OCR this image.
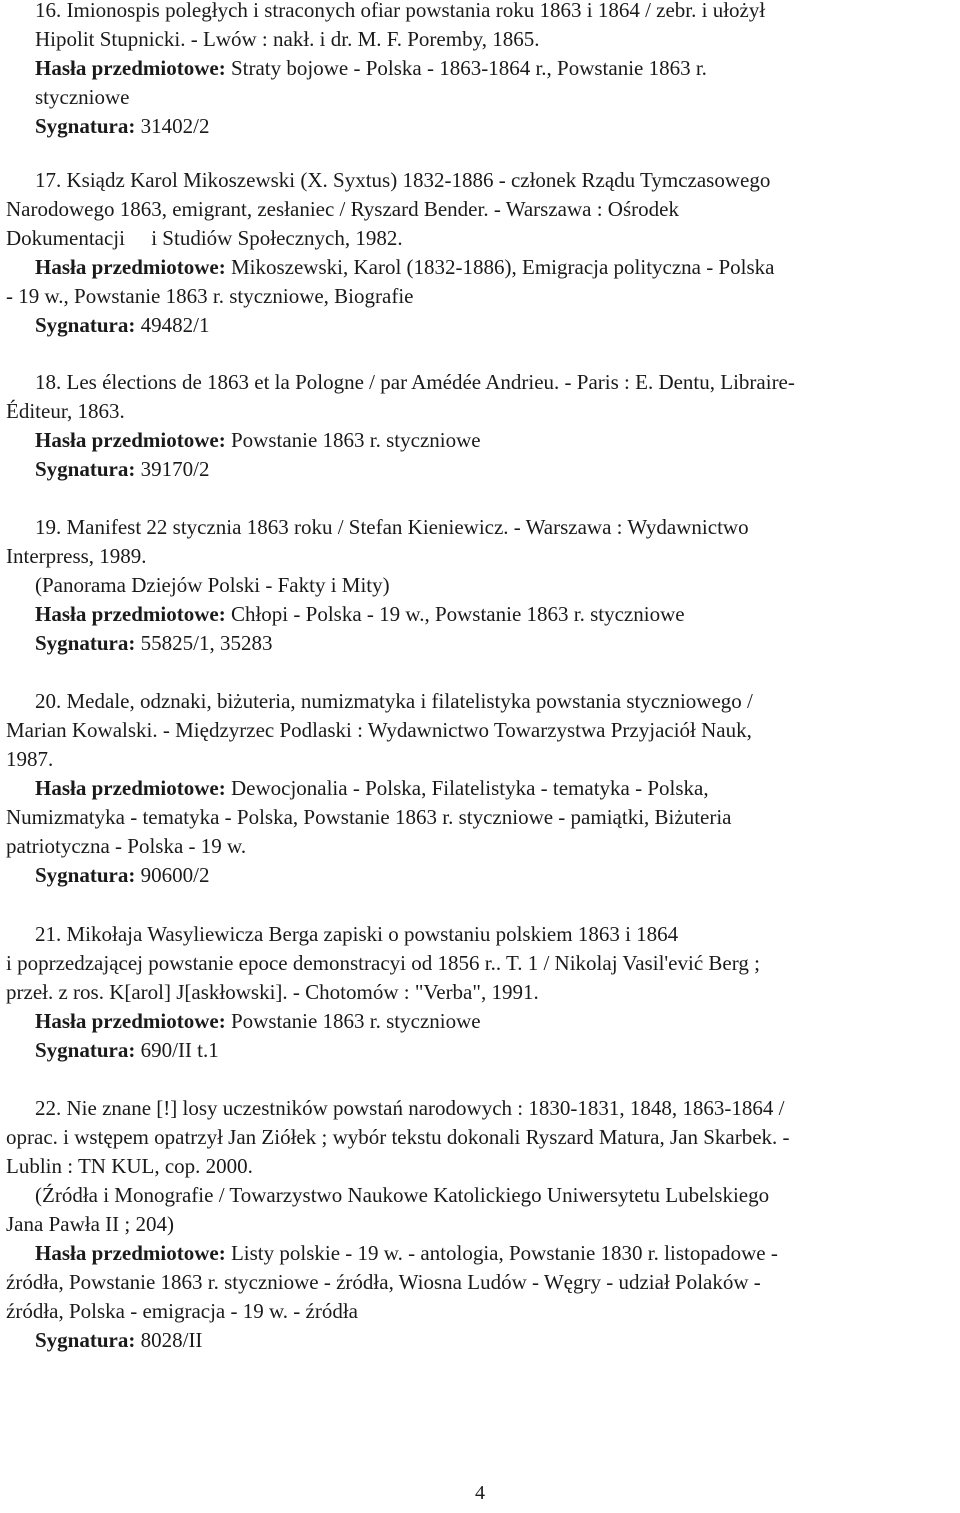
16. Imionospis poległych i straconych ofiar powstania roku 1863 i 1864 / zebr. i ułożył

Hipolit Stupnicki. - Lwów : nakł. i dr. M. F. Poremby, 1865.

Hasła przedmiotowe: Straty bojowe - Polska - 1863-1864 r., Powstanie 1863 r.

styczniowe

Sygnatura: 31402/2

17. Ksiądz Karol Mikoszewski (X. Syxtus) 1832-1886 - członek Rządu Tymczasowego

Narodowego 1863, emigrant, zesłaniec / Ryszard Bender. - Warszawa : Ośrodek

Dokumentacji     i Studiów Społecznych, 1982.

Hasła przedmiotowe: Mikoszewski, Karol (1832-1886), Emigracja polityczna - Polska

- 19 w., Powstanie 1863 r. styczniowe, Biografie

Sygnatura: 49482/1

18. Les élections de 1863 et la Pologne / par Amédée Andrieu. - Paris : E. Dentu, Libraire-

Éditeur, 1863.

Hasła przedmiotowe: Powstanie 1863 r. styczniowe

Sygnatura: 39170/2

19. Manifest 22 stycznia 1863 roku / Stefan Kieniewicz. - Warszawa : Wydawnictwo

Interpress, 1989.

(Panorama Dziejów Polski - Fakty i Mity)

Hasła przedmiotowe: Chłopi - Polska - 19 w., Powstanie 1863 r. styczniowe

Sygnatura: 55825/1, 35283

20. Medale, odznaki, biżuteria, numizmatyka i filatelistyka powstania styczniowego /

Marian Kowalski. - Międzyrzec Podlaski : Wydawnictwo Towarzystwa Przyjaciół Nauk,

1987.

Hasła przedmiotowe: Dewocjonalia - Polska, Filatelistyka - tematyka - Polska,

Numizmatyka - tematyka - Polska, Powstanie 1863 r. styczniowe - pamiątki, Biżuteria

patriotyczna - Polska - 19 w.

Sygnatura: 90600/2

21. Mikołaja Wasyliewicza Berga zapiski o powstaniu polskiem 1863 i 1864

i poprzedzającej powstanie epoce demonstracyi od 1856 r.. T. 1 / Nikolaj Vasil'ević Berg ;

przeł. z ros. K[arol] J[askłowski]. - Chotomów : "Verba", 1991.

Hasła przedmiotowe: Powstanie 1863 r. styczniowe

Sygnatura: 690/II t.1

22. Nie znane [!] losy uczestników powstań narodowych : 1830-1831, 1848, 1863-1864 /

oprac. i wstępem opatrzył Jan Ziółek ; wybór tekstu dokonali Ryszard Matura, Jan Skarbek. -

Lublin : TN KUL, cop. 2000.

(Źródła i Monografie / Towarzystwo Naukowe Katolickiego Uniwersytetu Lubelskiego

Jana Pawła II ; 204)

Hasła przedmiotowe: Listy polskie - 19 w. - antologia, Powstanie 1830 r. listopadowe -

źródła, Powstanie 1863 r. styczniowe - źródła, Wiosna Ludów - Węgry - udział Polaków -

źródła, Polska - emigracja - 19 w. - źródła

Sygnatura: 8028/II

4
